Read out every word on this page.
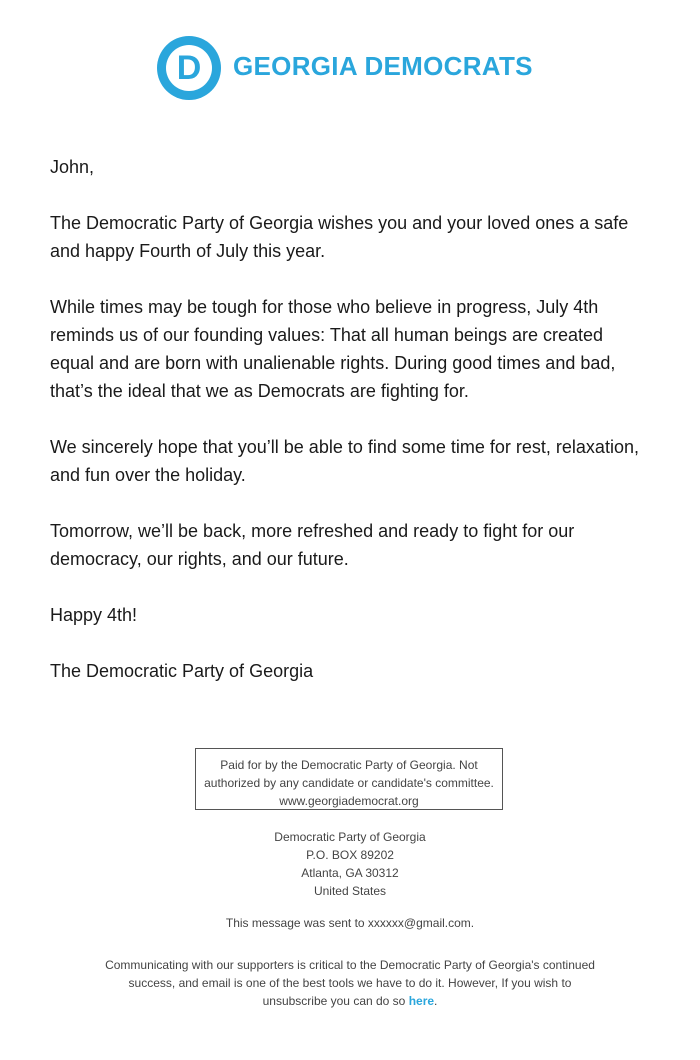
D	GEORGIA DEMOCRATS

John,

The Democratic Party of Georgia wishes you and your loved ones a safe and happy Fourth of July this year.

While times may be tough for those who believe in progress, July 4th reminds us of our founding values: That all human beings are created equal and are born with unalienable rights. During good times and bad, that’s the ideal that we as Democrats are fighting for.

We sincerely hope that you’ll be able to find some time for rest, relaxation, and fun over the holiday.

Tomorrow, we’ll be back, more refreshed and ready to fight for our democracy, our rights, and our future.

Happy 4th!

The Democratic Party of Georgia

Paid for by the Democratic Party of Georgia. Not
authorized by any candidate or candidate's committee.
www.georgiademocrat.org
Democratic Party of Georgia
P.O. BOX 89202
Atlanta, GA 30312
United States
This message was sent to xxxxxx@gmail.com.
Communicating with our supporters is critical to the Democratic Party of Georgia's continued success, and email is one of the best tools we have to do it. However, If you wish to unsubscribe you can do so here.
